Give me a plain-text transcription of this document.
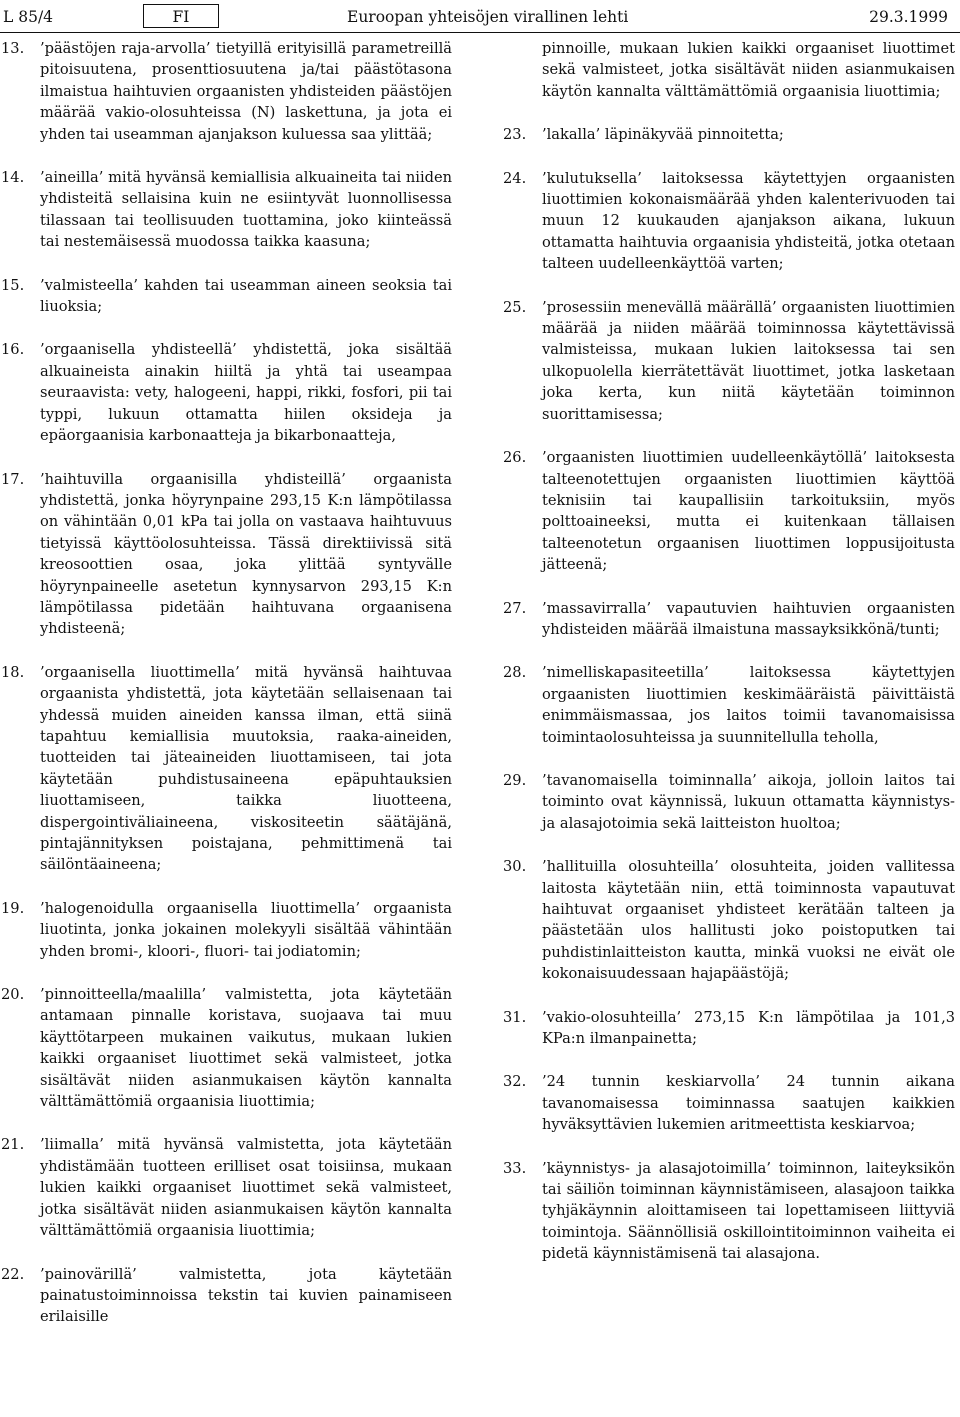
L 85/4	FI	Euroopan yhteisöjen virallinen lehti	29.3.1999
13.	’päästöjen raja-arvolla’ tietyillä erityisillä parametreillä pitoisuutena, prosenttiosuutena ja/tai päästötasona ilmaistua haihtuvien orgaanisten yhdisteiden päästöjen määrää vakio-olosuhteissa (N) laskettuna, ja jota ei yhden tai useamman ajanjakson kuluessa saa ylittää;
14.	’aineilla’ mitä hyvänsä kemiallisia alkuaineita tai niiden yhdisteitä sellaisina kuin ne esiintyvät luonnollisessa tilassaan tai teollisuuden tuottamina, joko kiinteässä tai nestemäisessä muodossa taikka kaasuna;
15.	’valmisteella’ kahden tai useamman aineen seoksia tai liuoksia;
16.	’orgaanisella yhdisteellä’ yhdistettä, joka sisältää alkuaineista ainakin hiiltä ja yhtä tai useampaa seuraavista: vety, halogeeni, happi, rikki, fosfori, pii tai typpi, lukuun ottamatta hiilen oksideja ja epäorgaanisia karbonaatteja ja bikarbonaatteja,
17.	’haihtuvilla orgaanisilla yhdisteillä’ orgaanista yhdistettä, jonka höyrynpaine 293,15 K:n lämpötilassa on vähintään 0,01 kPa tai jolla on vastaava haihtuvuus tietyissä käyttöolosuhteissa. Tässä direktiivissä sitä kreosoottien osaa, joka ylittää syntyvälle höyrynpaineelle asetetun kynnysarvon 293,15 K:n lämpötilassa pidetään haihtuvana orgaanisena yhdisteenä;
18.	’orgaanisella liuottimella’ mitä hyvänsä haihtuvaa orgaanista yhdistettä, jota käytetään sellaisenaan tai yhdessä muiden aineiden kanssa ilman, että siinä tapahtuu kemiallisia muutoksia, raaka-aineiden, tuotteiden tai jäteaineiden liuottamiseen, tai jota käytetään puhdistusaineena epäpuhtauksien liuottamiseen, taikka liuotteena, dispergointiväliaineena, viskositeetin säätäjänä, pintajännityksen poistajana, pehmittimenä tai säilöntäaineena;
19.	’halogenoidulla orgaanisella liuottimella’ orgaanista liuotinta, jonka jokainen molekyyli sisältää vähintään yhden bromi-, kloori-, fluori- tai jodiatomin;
20.	’pinnoitteella/maalilla’ valmistetta, jota käytetään antamaan pinnalle koristava, suojaava tai muu käyttötarpeen mukainen vaikutus, mukaan lukien kaikki orgaaniset liuottimet sekä valmisteet, jotka sisältävät niiden asianmukaisen käytön kannalta välttämättömiä orgaanisia liuottimia;
21.	’liimalla’ mitä hyvänsä valmistetta, jota käytetään yhdistämään tuotteen erilliset osat toisiinsa, mukaan lukien kaikki orgaaniset liuottimet sekä valmisteet, jotka sisältävät niiden asianmukaisen käytön kannalta välttämättömiä orgaanisia liuottimia;
22.	’painovärillä’ valmistetta, jota käytetään painatustoiminnoissa tekstin tai kuvien painamiseen erilaisille
pinnoille, mukaan lukien kaikki orgaaniset liuottimet sekä valmisteet, jotka sisältävät niiden asianmukaisen käytön kannalta välttämättömiä orgaanisia liuottimia;
23.	’lakalla’ läpinäkyvää pinnoitetta;
24.	’kulutuksella’ laitoksessa käytettyjen orgaanisten liuottimien kokonaismäärää yhden kalenterivuoden tai muun 12 kuukauden ajanjakson aikana, lukuun ottamatta haihtuvia orgaanisia yhdisteitä, jotka otetaan talteen uudelleenkäyttöä varten;
25.	’prosessiin menevällä määrällä’ orgaanisten liuottimien määrää ja niiden määrää toiminnossa käytettävissä valmisteissa, mukaan lukien laitoksessa tai sen ulkopuolella kierrätettävät liuottimet, jotka lasketaan joka kerta, kun niitä käytetään toiminnon suorittamisessa;
26.	’orgaanisten liuottimien uudelleenkäytöllä’ laitoksesta talteenotettujen orgaanisten liuottimien käyttöä teknisiin tai kaupallisiin tarkoituksiin, myös polttoaineeksi, mutta ei kuitenkaan tällaisen talteenotetun orgaanisen liuottimen loppusijoitusta jätteenä;
27.	’massavirralla’ vapautuvien haihtuvien orgaanisten yhdisteiden määrää ilmaistuna massayksikkönä/tunti;
28.	’nimelliskapasiteetilla’ laitoksessa käytettyjen orgaanisten liuottimien keskimääräistä päivittäistä enimmäismassaa, jos laitos toimii tavanomaisissa toimintaolosuhteissa ja suunnitellulla teholla,
29.	’tavanomaisella toiminnalla’ aikoja, jolloin laitos tai toiminto ovat käynnissä, lukuun ottamatta käynnistys- ja alasajotoimia sekä laitteiston huoltoa;
30.	’hallituilla olosuhteilla’ olosuhteita, joiden vallitessa laitosta käytetään niin, että toiminnosta vapautuvat haihtuvat orgaaniset yhdisteet kerätään talteen ja päästetään ulos hallitusti joko poistoputken tai puhdistinlaitteiston kautta, minkä vuoksi ne eivät ole kokonaisuudessaan hajapäästöjä;
31.	’vakio-olosuhteilla’ 273,15 K:n lämpötilaa ja 101,3 KPa:n ilmanpainetta;
32.	’24 tunnin keskiarvolla’ 24 tunnin aikana tavanomaisessa toiminnassa saatujen kaikkien hyväksyttävien lukemien aritmeettista keskiarvoa;
33.	’käynnistys- ja alasajotoimilla’ toiminnon, laiteyksikön tai säiliön toiminnan käynnistämiseen, alasajoon taikka tyhjäkäynnin aloittamiseen tai lopettamiseen liittyviä toimintoja. Säännöllisiä oskillointitoiminnon vaiheita ei pidetä käynnistämisenä tai alasajona.
